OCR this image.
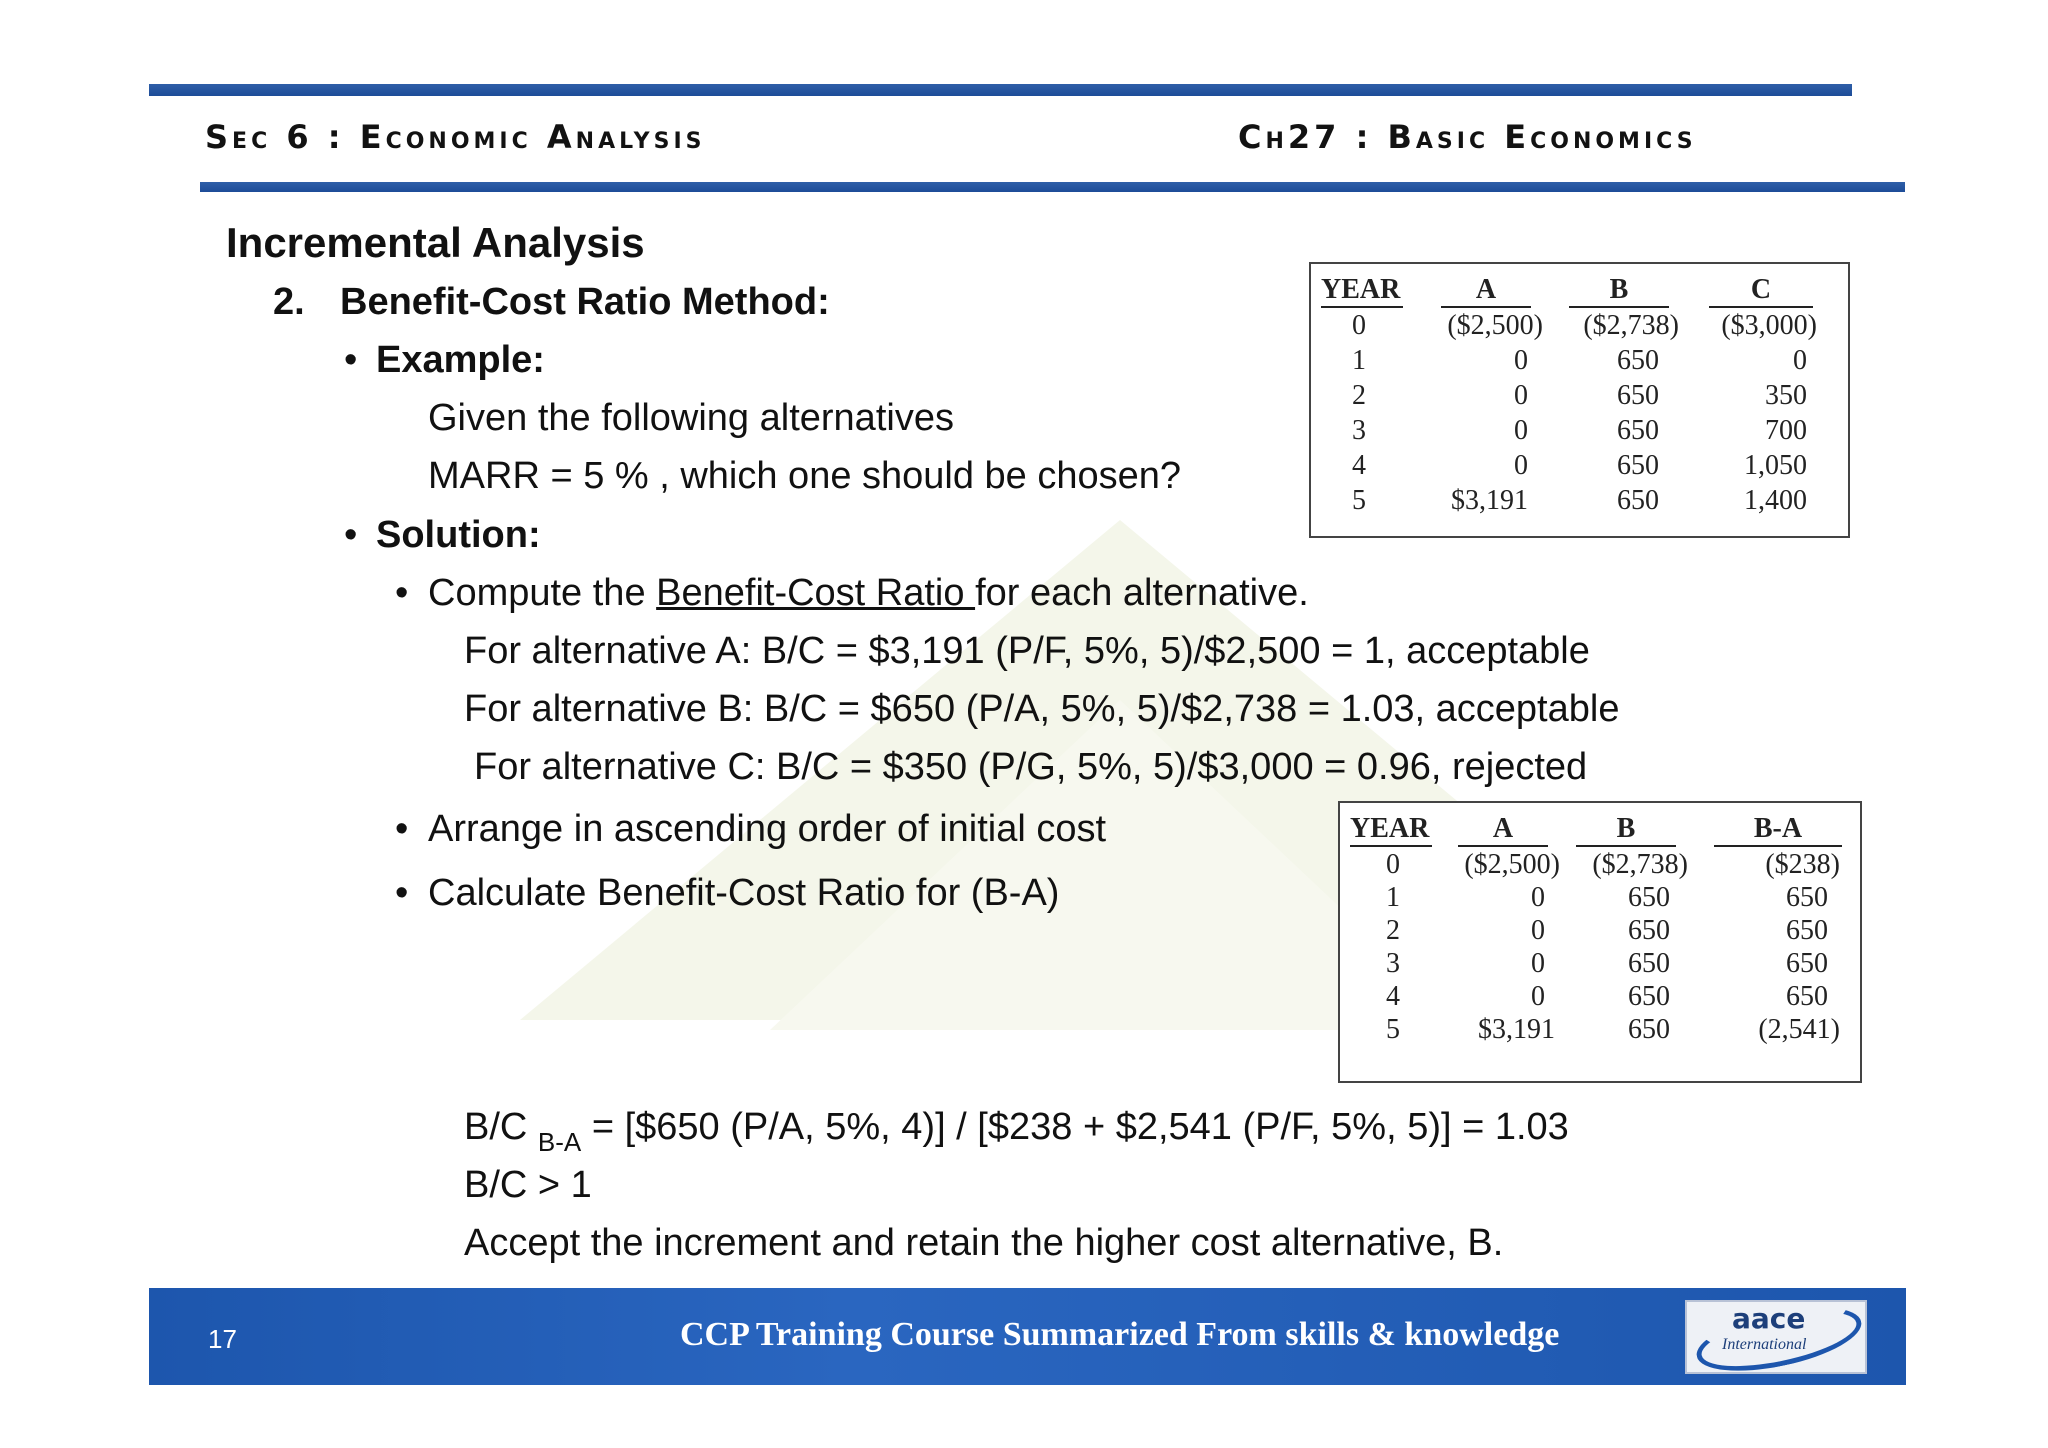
Sec 6 : Economic Analysis	Ch27 : Basic Economics
Incremental Analysis
2. Benefit-Cost Ratio Method:
• Example:
Given the following alternatives
MARR = 5 % , which one should be chosen?
• Solution:
• Compute the Benefit-Cost Ratio for each alternative.
For alternative A: B/C = $3,191 (P/F, 5%, 5)/$2,500 = 1, acceptable
For alternative B: B/C = $650 (P/A, 5%, 5)/$2,738 = 1.03, acceptable
For alternative C: B/C = $350 (P/G, 5%, 5)/$3,000 = 0.96, rejected
• Arrange in ascending order of initial cost
• Calculate Benefit-Cost Ratio for (B-A)
B/C $_{B-A}$ = [$650 (P/A, 5%, 4)] / [$238 + $2,541 (P/F, 5%, 5)] = 1.03
B/C > 1
Accept the increment and retain the higher cost alternative, B.
YEAR	A	B	C
0	($2,500)	($2,738)	($3,000)
1	0	650	0
2	0	650	350
3	0	650	700
4	0	650	1,050
5	$3,191	650	1,400
YEAR	A	B	B-A
0	($2,500)	($2,738)	($238)
1	0	650	650
2	0	650	650
3	0	650	650
4	0	650	650
5	$3,191	650	(2,541)
17	CCP Training Course Summarized From skills & knowledge	aace
International
